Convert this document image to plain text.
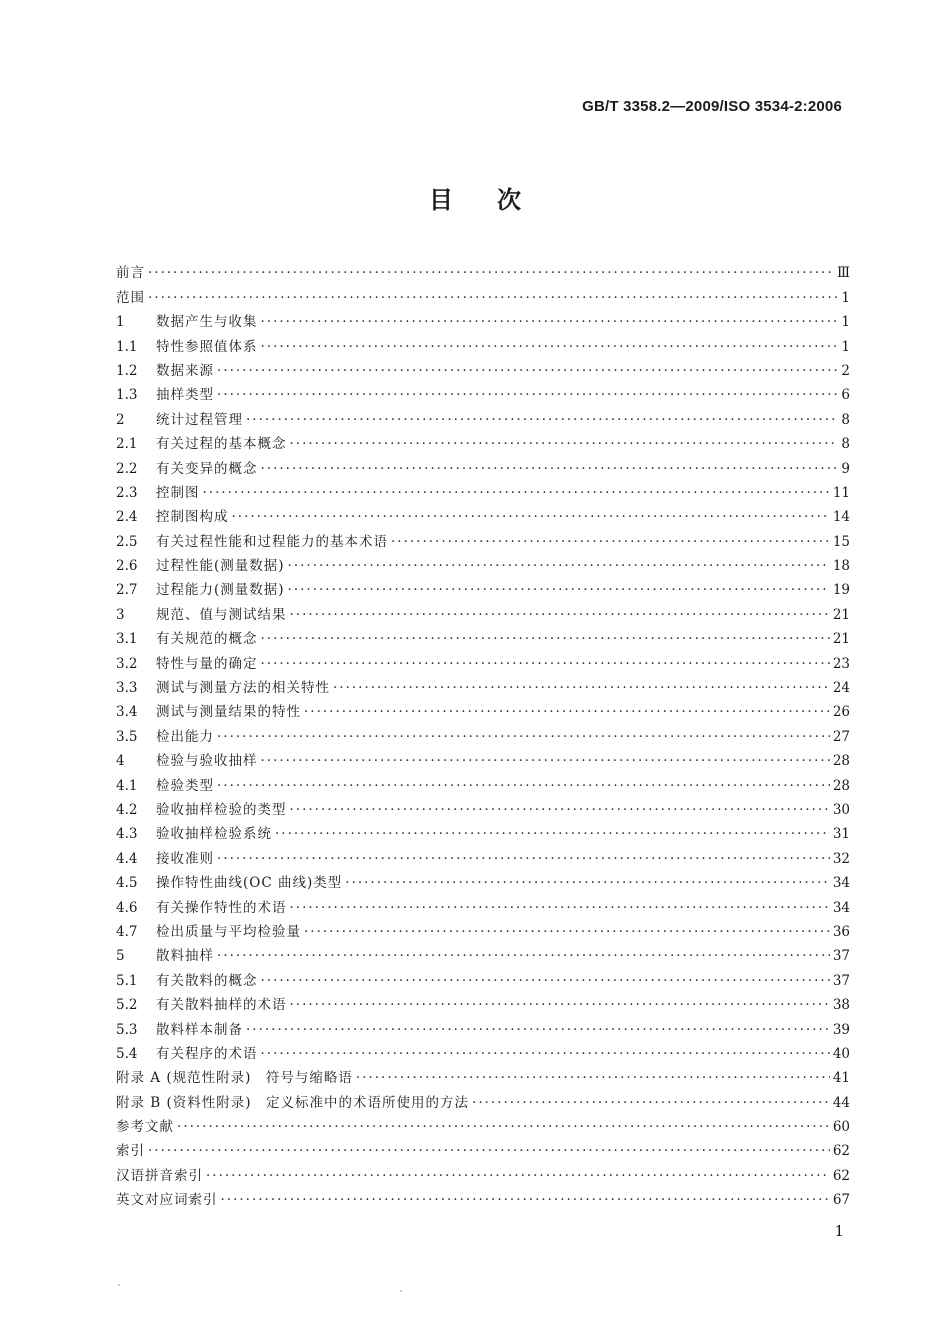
GB/T 3358.2—2009/ISO 3534-2:2006
目次
前言 ·····	Ⅲ
范围 ·····	1
1	数据产生与收集 ·····	1
1.1	特性参照值体系 ·····	1
1.2	数据来源 ·····	2
1.3	抽样类型 ·····	6
2	统计过程管理 ·····	8
2.1	有关过程的基本概念 ·····	8
2.2	有关变异的概念 ·····	9
2.3	控制图 ·····	11
2.4	控制图构成 ·····	14
2.5	有关过程性能和过程能力的基本术语 ·····	15
2.6	过程性能(测量数据) ·····	18
2.7	过程能力(测量数据) ·····	19
3	规范、值与测试结果 ·····	21
3.1	有关规范的概念 ·····	21
3.2	特性与量的确定 ·····	23
3.3	测试与测量方法的相关特性 ·····	24
3.4	测试与测量结果的特性 ·····	26
3.5	检出能力 ·····	27
4	检验与验收抽样 ·····	28
4.1	检验类型 ·····	28
4.2	验收抽样检验的类型 ·····	30
4.3	验收抽样检验系统 ·····	31
4.4	接收准则 ·····	32
4.5	操作特性曲线(OC 曲线)类型 ·····	34
4.6	有关操作特性的术语 ·····	34
4.7	检出质量与平均检验量 ·····	36
5	散料抽样 ·····	37
5.1	有关散料的概念 ·····	37
5.2	有关散料抽样的术语 ·····	38
5.3	散料样本制备 ·····	39
5.4	有关程序的术语 ·····	40
附录 A (规范性附录)　符号与缩略语 ·····	41
附录 B (资料性附录)　定义标准中的术语所使用的方法 ·····	44
参考文献 ·····	60
索引 ·····	62
汉语拼音索引 ·····	62
英文对应词索引 ·····	67
1
